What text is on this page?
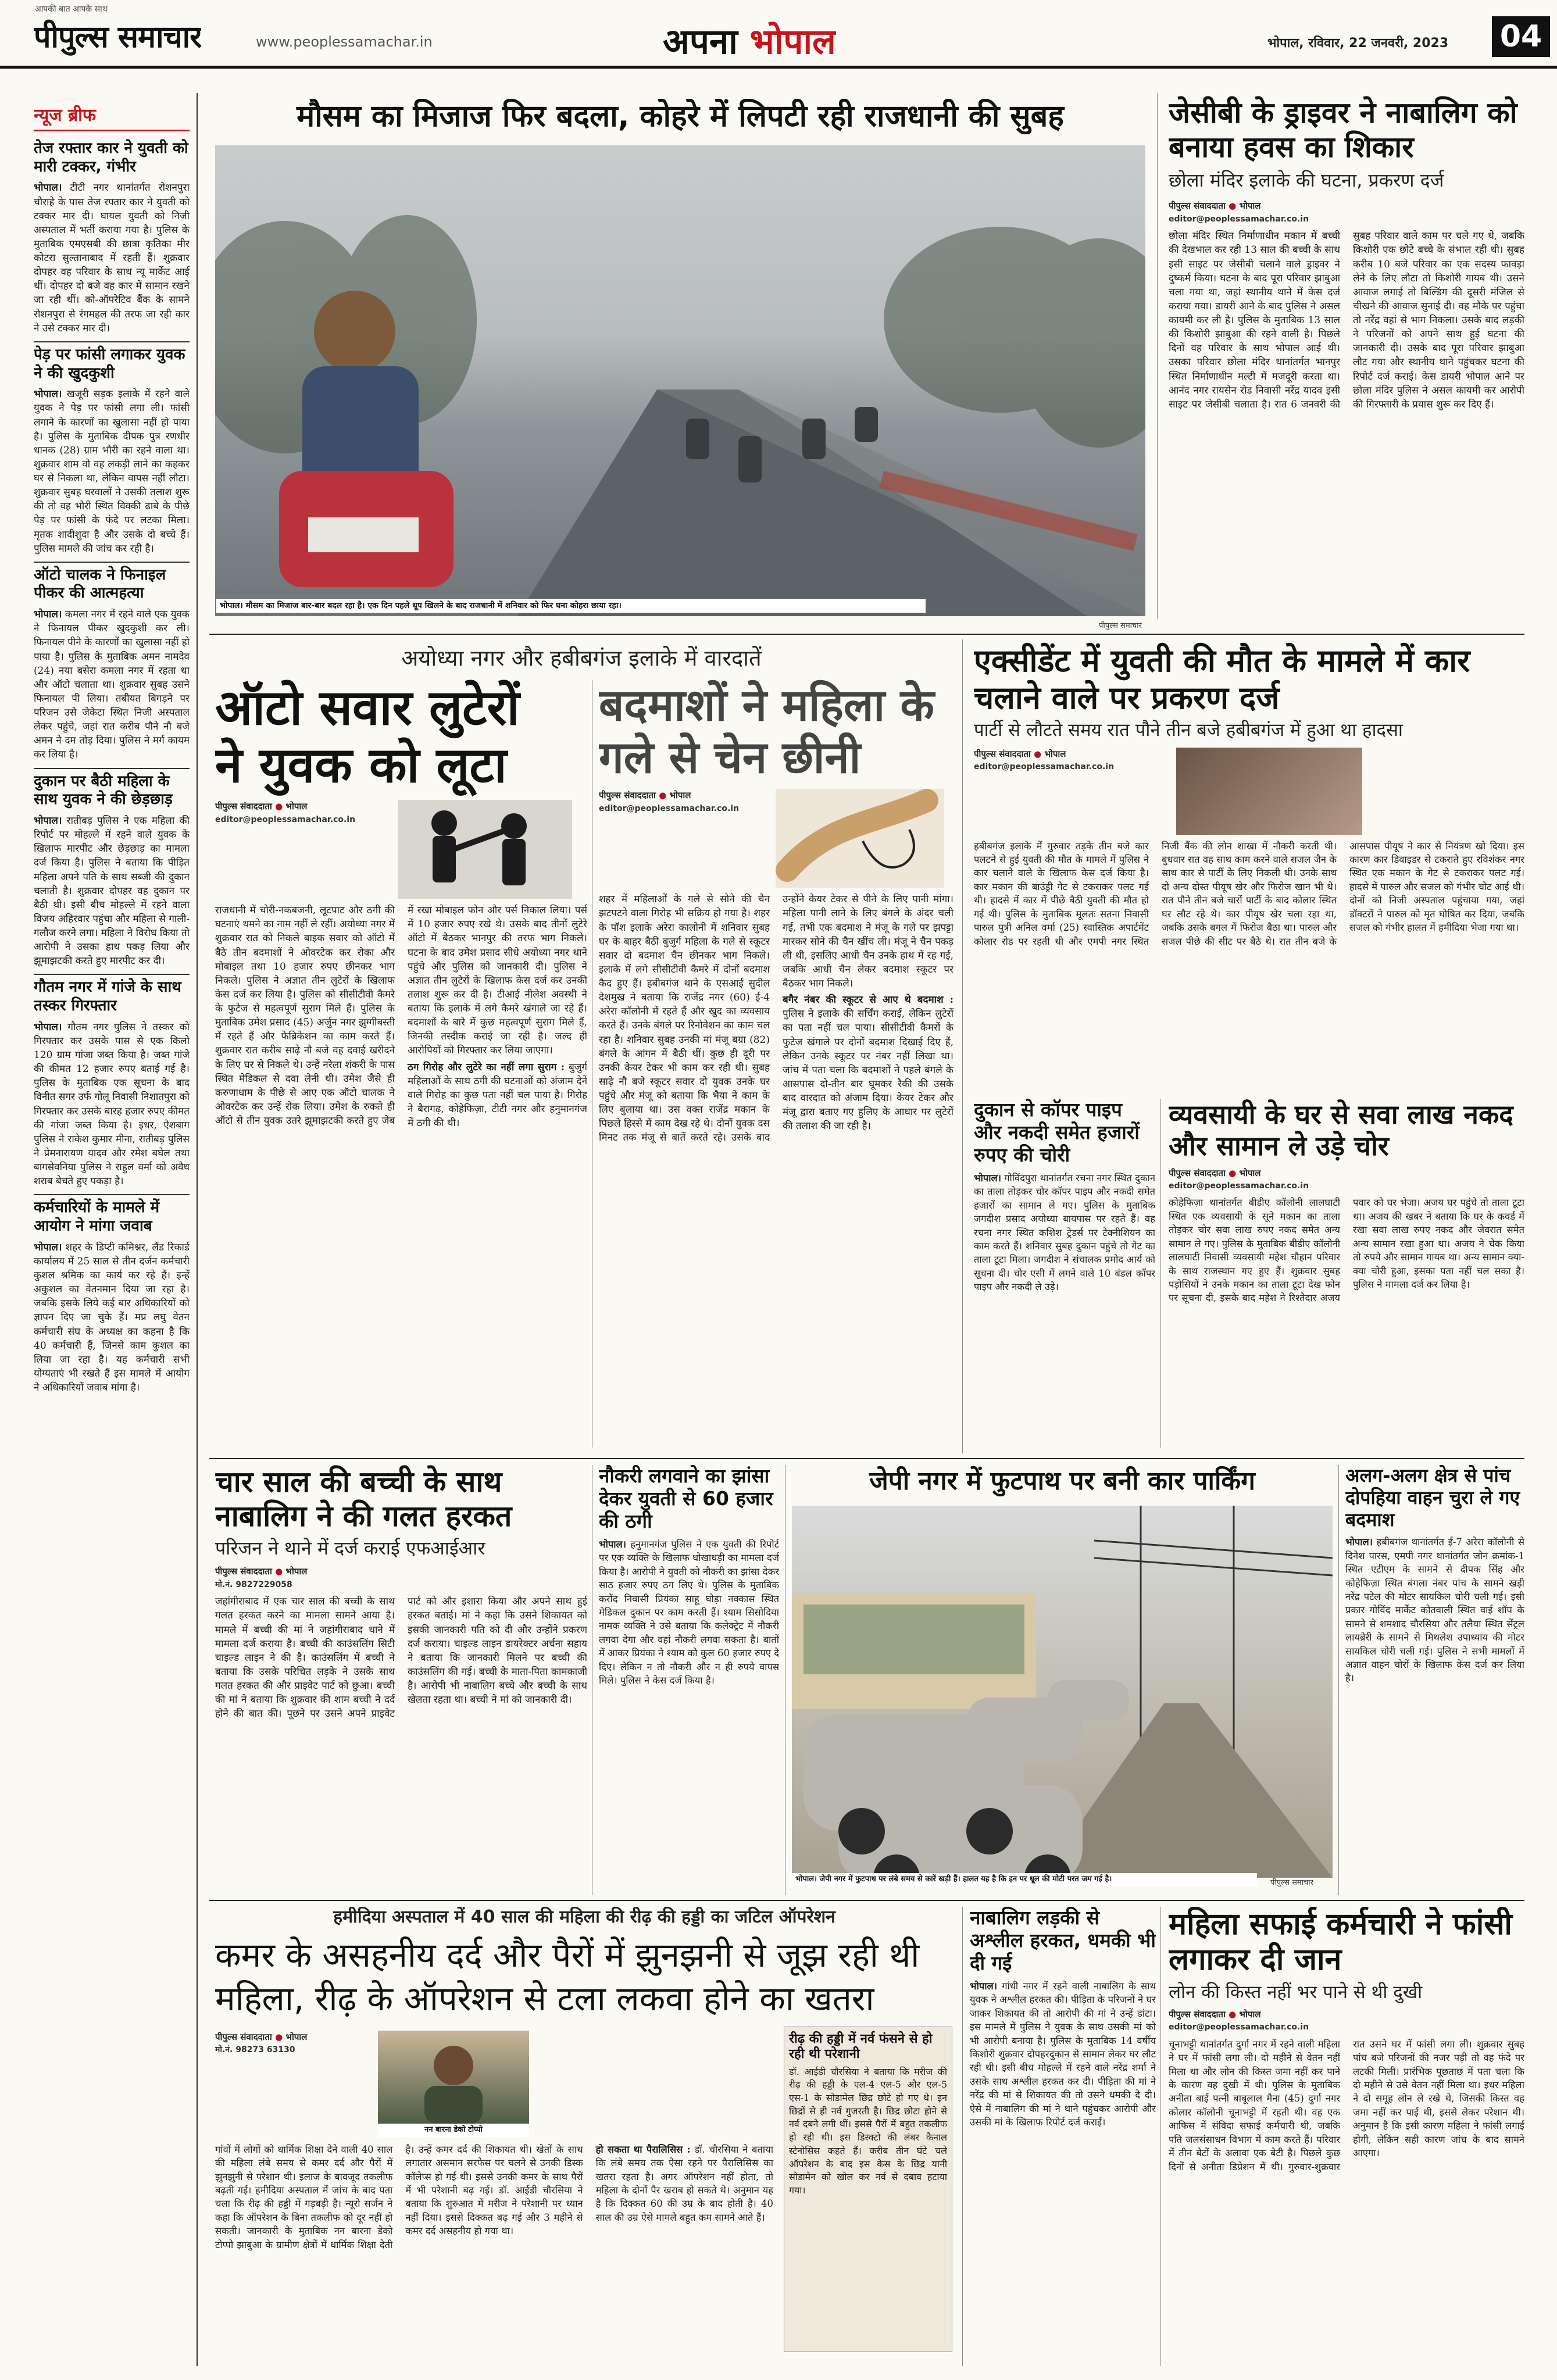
आपकी बात आपके साथ
पीपुल्स समाचार	www.peoplessamachar.in	अपना भोपाल	भोपाल, रविवार, 22 जनवरी, 2023 04
न्यूज ब्रीफ
तेज रफ्तार कार ने युवती को मारी टक्कर, गंभीर
भोपाल। टीटी नगर थानांतर्गत रोशनपुरा चौराहे के पास तेज रफ्तार कार ने युवती को टक्कर मार दी। घायल युवती को निजी अस्पताल में भर्ती कराया गया है। पुलिस के मुताबिक एमएसबी की छात्रा कृतिका मीर कोटरा सुल्तानाबाद में रहती हैं। शुक्रवार दोपहर वह परिवार के साथ न्यू मार्केट आई थीं। दोपहर दो बजे वह कार में सामान रखने जा रही थीं। को-ऑपरेटिव बैंक के सामने रोशनपुरा से रंगमहल की तरफ जा रही कार ने उसे टक्कर मार दी।
पेड़ पर फांसी लगाकर युवक ने की खुदकुशी
भोपाल। खजूरी सड़क इलाके में रहने वाले युवक ने पेड़ पर फांसी लगा ली। फांसी लगाने के कारणों का खुलासा नहीं हो पाया है। पुलिस के मुताबिक दीपक पुत्र रणधीर धानक (28) ग्राम भौरी का रहने वाला था। शुक्रवार शाम वो वह लकड़ी लाने का कहकर घर से निकला था, लेकिन वापस नहीं लौटा। शुक्रवार सुबह घरवालों ने उसकी तलाश शुरू की तो वह भौरी स्थित विक्की ढाबे के पीछे पेड़ पर फांसी के फंदे पर लटका मिला। मृतक शादीशुदा है और उसके दो बच्चे हैं। पुलिस मामले की जांच कर रही है।
ऑटो चालक ने फिनाइल पीकर की आत्महत्या
भोपाल। कमला नगर में रहने वाले एक युवक ने फिनायल पीकर खुदकुशी कर ली। फिनायल पीने के कारणों का खुलासा नहीं हो पाया है। पुलिस के मुताबिक अमन नामदेव (24) नया बसेरा कमला नगर में रहता था और ऑटो चलाता था। शुक्रवार सुबह उसने फिनायल पी लिया। तबीयत बिगड़ने पर परिजन उसे जेकेटा स्थित निजी अस्पताल लेकर पहुंचे, जहां रात करीब पौने नौ बजे अमन ने दम तोड़ दिया। पुलिस ने मर्ग कायम कर लिया है।
दुकान पर बैठी महिला के साथ युवक ने की छेड़छाड़
भोपाल। रातीबड़ पुलिस ने एक महिला की रिपोर्ट पर मोहल्ले में रहने वाले युवक के खिलाफ मारपीट और छेड़छाड़ का मामला दर्ज किया है। पुलिस ने बताया कि पीड़ित महिला अपने पति के साथ सब्जी की दुकान चलाती है। शुक्रवार दोपहर वह दुकान पर बैठी थी। इसी बीच मोहल्ले में रहने वाला विजय अहिरवार पहुंचा और महिला से गाली-गलौज करने लगा। महिला ने विरोध किया तो आरोपी ने उसका हाथ पकड़ लिया और झूमाझटकी करते हुए मारपीट कर दी।
गौतम नगर में गांजे के साथ तस्कर गिरफ्तार
भोपाल। गौतम नगर पुलिस ने तस्कर को गिरफ्तार कर उसके पास से एक किलो 120 ग्राम गांजा जब्त किया है। जब्त गांजे की कीमत 12 हजार रुपए बताई गई है। पुलिस के मुताबिक एक सूचना के बाद विनीत सगर उर्फ गोलू निवासी निशातपुरा को गिरफ्तार कर उसके बारह हजार रुपए कीमत की गांजा जब्त किया है। इधर, ऐशबाग पुलिस ने राकेश कुमार मीना, रातीबड़ पुलिस ने प्रेमनारायण यादव और रमेश बघेल तथा बागसेवनिया पुलिस ने राहुल वर्मा को अवैध शराब बेचते हुए पकड़ा है।
कर्मचारियों के मामले में आयोग ने मांगा जवाब
भोपाल। शहर के डिप्टी कमिश्नर, लैंड रिकार्ड कार्यालय में 25 साल से तीन दर्जन कर्मचारी कुशल श्रमिक का कार्य कर रहे हैं। इन्हें अकुशल का वेतनमान दिया जा रहा है। जबकि इसके लिये कई बार अधिकारियों को ज्ञापन दिए जा चुके हैं। मप्र लघु वेतन कर्मचारी संघ के अध्यक्ष का कहना है कि 40 कर्मचारी हैं, जिनसे काम कुशल का लिया जा रहा है। यह कर्मचारी सभी योग्यताएं भी रखते हैं इस मामले में आयोग ने अधिकारियों जवाब मांगा है।
मौसम का मिजाज फिर बदला, कोहरे में लिपटी रही राजधानी की सुबह
भोपाल। मौसम का मिजाज बार-बार बदल रहा है। एक दिन पहले धूप खिलने के बाद राजधानी में शनिवार को फिर घना कोहरा छाया रहा।
पीपुल्स समाचार
जेसीबी के ड्राइवर ने नाबालिग को बनाया हवस का शिकार
छोला मंदिर इलाके की घटना, प्रकरण दर्ज
पीपुल्स संवाददाता ● भोपाल
editor@peoplessamachar.co.in
छोला मंदिर स्थित निर्माणाधीन मकान में बच्ची की देखभाल कर रही 13 साल की बच्ची के साथ इसी साइट पर जेसीबी चलाने वाले ड्राइवर ने दुष्कर्म किया। घटना के बाद पूरा परिवार झाबुआ चला गया था, जहां स्थानीय थाने में केस दर्ज कराया गया। डायरी आने के बाद पुलिस ने असल कायमी कर ली है। पुलिस के मुताबिक 13 साल की किशोरी झाबुआ की रहने वाली है। पिछले दिनों वह परिवार के साथ भोपाल आई थी। उसका परिवार छोला मंदिर थानांतर्गत भानपुर स्थित निर्माणाधीन मल्टी में मजदूरी करता था। आनंद नगर रायसेन रोड निवासी नरेंद्र यादव इसी साइट पर जेसीबी चलाता है। रात 6 जनवरी की सुबह परिवार वाले काम पर चले गए थे, जबकि किशोरी एक छोटे बच्चे के संभाल रही थी। सुबह करीब 10 बजे परिवार का एक सदस्य फावड़ा लेने के लिए लौटा तो किशोरी गायब थी। उसने आवाज लगाई तो बिल्डिंग की दूसरी मंजिल से चीखने की आवाज सुनाई दी। वह मौके पर पहुंचा तो नरेंद्र वहां से भाग निकला। उसके बाद लड़की ने परिजनों को अपने साथ हुई घटना की जानकारी दी। उसके बाद पूरा परिवार झाबुआ लौट गया और स्थानीय थाने पहुंचकर घटना की रिपोर्ट दर्ज कराई। केस डायरी भोपाल आने पर छोला मंदिर पुलिस ने असल कायमी कर आरोपी की गिरफ्तारी के प्रयास शुरू कर दिए हैं।
अयोध्या नगर और हबीबगंज इलाके में वारदातें
ऑटो सवार लुटेरों ने युवक को लूटा
पीपुल्स संवाददाता ● भोपाल
editor@peoplessamachar.co.in

राजधानी में चोरी-नकबजनी, लूटपाट और ठगी की घटनाएं थमने का नाम नहीं ले रहीं। अयोध्या नगर में शुक्रवार रात को निकले बाइक सवार को ऑटो में बैठे तीन बदमाशों ने ओवरटेक कर रोका और मोबाइल तथा 10 हजार रुपए छीनकर भाग निकले। पुलिस ने अज्ञात तीन लुटेरों के खिलाफ केस दर्ज कर लिया है। पुलिस को सीसीटीवी कैमरे के फुटेज से महत्वपूर्ण सुराग मिले हैं। पुलिस के मुताबिक उमेश प्रसाद (45) अर्जुन नगर झुग्गीबस्ती में रहते हैं और फेब्रिकेशन का काम करते हैं। शुक्रवार रात करीब साढ़े नौ बजे वह दवाई खरीदने के लिए घर से निकले थे। उन्हें नरेला शंकरी के पास स्थित मेडिकल से दवा लेनी थी। उमेश जैसे ही करुणाधाम के पीछे से आए एक ऑटो चालक ने ओवरटेक कर उन्हें रोक लिया। उमेश के रुकते ही ऑटो से तीन युवक उतरे झूमाझटकी करते हुए जेब में रखा मोबाइल फोन और पर्स निकाल लिया। पर्स में 10 हजार रुपए रखे थे। उसके बाद तीनों लुटेरे ऑटो में बैठकर भानपुर की तरफ भाग निकले। घटना के बाद उमेश प्रसाद सीधे अयोध्या नगर थाने पहुंचे और पुलिस को जानकारी दी। पुलिस ने अज्ञात तीन लुटेरों के खिलाफ केस दर्ज कर उनकी तलाश शुरू कर दी है। टीआई नीलेश अवस्थी ने बताया कि इलाके में लगे कैमरे खंगाले जा रहे हैं। बदमाशों के बारे में कुछ महत्वपूर्ण सुराग मिले हैं, जिनकी तस्दीक कराई जा रही है। जल्द ही आरोपियों को गिरफ्तार कर लिया जाएगा।

ठग गिरोह और लुटेरे का नहीं लगा सुराग : बुजुर्ग महिलाओं के साथ ठगी की घटनाओं को अंजाम देने वाले गिरोह का कुछ पता नहीं चल पाया है। गिरोह ने बैरागढ़, कोहेफिज़ा, टीटी नगर और हनुमानगंज में ठगी की थी।

बदमाशों ने महिला के गले से चेन छीनी
पीपुल्स संवाददाता ● भोपाल
editor@peoplessamachar.co.in

शहर में महिलाओं के गले से सोने की चैन झटपटने वाला गिरोह भी सक्रिय हो गया है। शहर के पॉश इलाके अरेरा कालोनी में शनिवार सुबह घर के बाहर बैठी बुजुर्ग महिला के गले से स्कूटर सवार दो बदमाश चैन छीनकर भाग निकले। इलाके में लगे सीसीटीवी कैमरे में दोनों बदमाश कैद हुए हैं। हबीबगंज थाने के एसआई सुदील देशमुख ने बताया कि राजेंद्र नगर (60) ई-4 अरेरा कॉलोनी में रहते हैं और खुद का व्यवसाय करते हैं। उनके बंगले पर रिनोवेशन का काम चल रहा है। शनिवार सुबह उनकी मां मंजू बग्रा (82) बंगले के आंगन में बैठी थीं। कुछ ही दूरी पर उनकी केयर टेकर भी काम कर रही थी। सुबह साढ़े नौ बजे स्कूटर सवार दो युवक उनके घर पहुंचे और मंजू को बताया कि भैया ने काम के लिए बुलाया था। उस वक्त राजेंद्र मकान के पिछले हिस्से में काम देख रहे थे। दोनों युवक दस मिनट तक मंजू से बातें करते रहे। उसके बाद उन्होंने केयर टेकर से पीने के लिए पानी मांगा। महिला पानी लाने के लिए बंगले के अंदर चली गई, तभी एक बदमाश ने मंजू के गले पर झपट्टा मारकर सोने की चैन खींच ली। मंजू ने चैन पकड़ ली थी, इसलिए आधी चैन उनके हाथ में रह गई, जबकि आधी चैन लेकर बदमाश स्कूटर पर बैठकर भाग निकले।

बगैर नंबर की स्कूटर से आए थे बदमाश : पुलिस ने इलाके की सर्चिंग कराई, लेकिन लुटेरों का पता नहीं चल पाया। सीसीटीवी कैमरों के फुटेज खंगाले पर दोनों बदमाश दिखाई दिए हैं, लेकिन उनके स्कूटर पर नंबर नहीं लिखा था। जांच में पता चला कि बदमाशों ने पहले बंगले के आसपास दो-तीन बार घूमकर रैकी की उसके बाद वारदात को अंजाम दिया। केयर टेकर और मंजू द्वारा बताए गए हुलिए के आधार पर लुटेरों की तलाश की जा रही है।

एक्सीडेंट में युवती की मौत के मामले में कार चलाने वाले पर प्रकरण दर्ज
पार्टी से लौटते समय रात पौने तीन बजे हबीबगंज में हुआ था हादसा
पीपुल्स संवाददाता ● भोपाल
editor@peoplessamachar.co.in
हबीबगंज इलाके में गुरुवार तड़के तीन बजे कार पलटने से हुई युवती की मौत के मामले में पुलिस ने कार चलाने वाले के खिलाफ केस दर्ज किया है। कार मकान की बाउंड्री गेट से टकराकर पलट गई थी। हादसे में कार में पीछे बैठी युवती की मौत हो गई थी। पुलिस के मुताबिक मूलतः सतना निवासी पारुल पुत्री अनिल वर्मा (25) स्वास्तिक अपार्टमेंट कोलार रोड पर रहती थी और एमपी नगर स्थित निजी बैंक की लोन शाखा में नौकरी करती थी। बुधवार रात वह साथ काम करने वाले सजल जैन के साथ कार से पार्टी के लिए निकली थी। उनके साथ दो अन्य दोस्त पीयूष खेर और फिरोज खान भी थे। रात पौने तीन बजे चारों पार्टी के बाद कोलार स्थित घर लौट रहे थे। कार पीयूष खेर चला रहा था, जबकि उसके बगल में फिरोज बैठा था। पारुल और सजल पीछे की सीट पर बैठे थे। रात तीन बजे के आसपास पीयूष ने कार से नियंत्रण खो दिया। इस कारण कार डिवाइडर से टकराते हुए रविशंकर नगर स्थित एक मकान के गेट से टकराकर पलट गई। हादसे में पारुल और सजल को गंभीर चोट आई थी। दोनों को निजी अस्पताल पहुंचाया गया, जहां डॉक्टरों ने पारुल को मृत घोषित कर दिया, जबकि सजल को गंभीर हालत में हमीदिया भेजा गया था।
दुकान से कॉपर पाइप और नकदी समेत हजारों रुपए की चोरी
भोपाल। गोविंदपुरा थानांतर्गत रचना नगर स्थित दुकान का ताला तोड़कर चोर कॉपर पाइप और नकदी समेत हजारों का सामान ले गए। पुलिस के मुताबिक जगदीश प्रसाद अयोध्या बायपास पर रहते हैं। वह रचना नगर स्थित कशिश ट्रेडर्स पर टेक्नीशियन का काम करते हैं। शनिवार सुबह दुकान पहुंचे तो गेट का ताला टूटा मिला। जगदीश ने संचालक प्रमोद आर्य को सूचना दी। चोर एसी में लगने वाले 10 बंडल कॉपर पाइप और नकदी ले उड़े।
व्यवसायी के घर से सवा लाख नकद और सामान ले उड़े चोर
पीपुल्स संवाददाता ● भोपाल
editor@peoplessamachar.co.in
कोहेफिज़ा थानांतर्गत बीडीए कॉलोनी लालघाटी स्थित एक व्यवसायी के सूने मकान का ताला तोड़कर चोर सवा लाख रुपए नकद समेत अन्य सामान ले गए। पुलिस के मुताबिक बीडीए कॉलोनी लालघाटी निवासी व्यवसायी महेश चौहान परिवार के साथ राजस्थान गए हुए हैं। शुक्रवार सुबह पड़ोसियों ने उनके मकान का ताला टूटा देख फोन पर सूचना दी, इसके बाद महेश ने रिश्तेदार अजय पवार को घर भेजा। अजय घर पहुंचे तो ताला टूटा था। अजय की खबर ने बताया कि घर के कवर्ड में रखा सवा लाख रुपए नकद और जेवरात समेत अन्य सामान रखा हुआ था। अजय ने चेक किया तो रुपये और सामान गायब था। अन्य सामान क्या-क्या चोरी हुआ, इसका पता नहीं चल सका है। पुलिस ने मामला दर्ज कर लिया है।
चार साल की बच्ची के साथ नाबालिग ने की गलत हरकत
परिजन ने थाने में दर्ज कराई एफआईआर
पीपुल्स संवाददाता ● भोपाल
मो.नं. 9827229058
जहांगीराबाद में एक चार साल की बच्ची के साथ गलत हरकत करने का मामला सामने आया है। मामले में बच्ची की मां ने जहांगीराबाद थाने में मामला दर्ज कराया है। बच्ची की काउंसलिंग सिटी चाइल्ड लाइन ने की है। काउंसलिंग में बच्ची ने बताया कि उसके परिचित लड़के ने उसके साथ गलत हरकत की और प्राइवेट पार्ट को छुआ। बच्ची की मां ने बताया कि शुक्रवार की शाम बच्ची ने दर्द होने की बात की। पूछने पर उसने अपने प्राइवेट पार्ट को और इशारा किया और अपने साथ हुई हरकत बताई। मां ने कहा कि उसने शिकायत को इसकी जानकारी पति को दी और उन्होंने प्रकरण दर्ज कराया। चाइल्ड लाइन डायरेक्टर अर्चना सहाय ने बताया कि जानकारी मिलने पर बच्ची की काउंसलिंग की गई। बच्ची के माता-पिता कामकाजी है। आरोपी भी नाबालिग बच्चे और बच्ची के साथ खेलता रहता था। बच्ची ने मां को जानकारी दी।
नौकरी लगवाने का झांसा देकर युवती से 60 हजार की ठगी
भोपाल। हनुमानगंज पुलिस ने एक युवती की रिपोर्ट पर एक व्यक्ति के खिलाफ धोखाधड़ी का मामला दर्ज किया है। आरोपी ने युवती को नौकरी का झांसा देकर साठ हजार रुपए ठग लिए थे। पुलिस के मुताबिक करोंद निवासी प्रियंका साहू घोड़ा नक्कास स्थित मेडिकल दुकान पर काम करती हैं। श्याम सिसोदिया नामक व्यक्ति ने उसे बताया कि कलेक्ट्रेट में नौकरी लगवा देगा और वहां नौकरी लगवा सकता है। बातों में आकर प्रियंका ने श्याम को कुल 60 हजार रुपए दे दिए। लेकिन न तो नौकरी और न ही रुपये वापस मिले। पुलिस ने केस दर्ज किया है।
जेपी नगर में फुटपाथ पर बनी कार पार्किंग
भोपाल। जेपी नगर में फुटपाथ पर लंबे समय से कारें खड़ी हैं। हालत यह है कि इन पर धूल की मोटी परत जम गई है।	पीपुल्स समाचार
अलग-अलग क्षेत्र से पांच दोपहिया वाहन चुरा ले गए बदमाश
भोपाल। हबीबगंज थानांतर्गत ई-7 अरेरा कॉलोनी से दिनेश पारस, एमपी नगर थानांतर्गत जोन क्रमांक-1 स्थित एटीएम के सामने से दीपक सिंह और कोहेफिज़ा स्थित बंगला नंबर पांच के सामने खड़ी नरेंद्र पटेल की मोटर सायकिल चोरी चली गई। इसी प्रकार गोविंद मार्केट कोतवाली स्थित वाई शॉप के सामने से शमशाद चौरसिया और तलैया स्थित सेंट्रल लायब्रेरी के सामने से मिथलेश उपाध्याय की मोटर सायकिल चोरी चली गई। पुलिस ने सभी मामलों में अज्ञात वाहन चोरों के खिलाफ केस दर्ज कर लिया है।
हमीदिया अस्पताल में 40 साल की महिला की रीढ़ की हड्डी का जटिल ऑपरेशन
कमर के असहनीय दर्द और पैरों में झुनझनी से जूझ रही थी महिला, रीढ़ के ऑपरेशन से टला लकवा होने का खतरा
पीपुल्स संवाददाता ● भोपाल
मो.नं. 98273 63130
नन बारना डेको टोप्पो

गांवों में लोगों को धार्मिक शिक्षा देने वाली 40 साल की महिला लंबे समय से कमर दर्द और पैरों में झुनझुनी से परेशान थी। इलाज के बावजूद तकलीफ बढ़ती गई। हमीदिया अस्पताल में जांच के बाद पता चला कि रीढ़ की हड्डी में गड़बड़ी है। न्यूरो सर्जन ने कहा कि ऑपरेशन के बिना तकलीफ को दूर नहीं हो सकती। जानकारी के मुताबिक नन बारना डेको टोप्पो झाबुआ के ग्रामीण क्षेत्रों में धार्मिक शिक्षा देती है। उन्हें कमर दर्द की शिकायत थी। खेतों के साथ लगातार असमान सरफेस पर चलने से उनकी डिस्क कॉलेप्स हो गई थी। इससे उनकी कमर के साथ पैरों में भी परेशानी बढ़ गई। डॉ. आईडी चौरसिया ने बताया कि शुरुआत में मरीज ने परेशानी पर ध्यान नहीं दिया। इससे दिक्कत बढ़ गई और 3 महीने से कमर दर्द असहनीय हो गया था।

हो सकता था पैरालिसिस : डॉ. चौरसिया ने बताया कि लंबे समय तक ऐसा रहने पर पैरालिसिस का खतरा रहता है। अगर ऑपरेशन नहीं होता, तो महिला के दोनों पैर खराब हो सकते थे। अनुमान यह है कि दिक्कत 60 की उम्र के बाद होती है। 40 साल की उम्र ऐसे मामले बहुत कम सामने आते हैं।

रीढ़ की हड्डी में नर्व फंसने से हो रही थी परेशानी
डॉ. आईडी चौरसिया ने बताया कि मरीज की रीढ़ की हड्डी के एल-4 एल-5 और एल-5 एस-1 के सोडामेल छिद्र छोटे हो गए थे। इन छिद्रों से ही नर्व गुजरती है। छिद्र छोटा होने से नर्व दबने लगी थीं। इससे पैरों में बहुत तकलीफ हो रही थी। इस डिस्क्टो की लंबर कैनाल स्टेनोसिस कहते हैं। करीब तीन घंटे चले ऑपरेशन के बाद इस केस के छिद्र यानी सोडामेन को खोल कर नर्व से दबाव हटाया गया।
नाबालिग लड़की से अश्लील हरकत, धमकी भी दी गई
भोपाल। गांधी नगर में रहने वाली नाबालिग के साथ युवक ने अश्लील हरकत की। पीड़िता के परिजनों ने घर जाकर शिकायत की तो आरोपी की मां ने उन्हें डांटा। इस मामले में पुलिस ने युवक के साथ उसकी मां को भी आरोपी बनाया है। पुलिस के मुताबिक 14 वर्षीय किशोरी शुक्रवार दोपहरदुकान से सामान लेकर घर लौट रही थी। इसी बीच मोहल्ले में रहने वाले नरेंद्र शर्मा ने उसके साथ अश्लील हरकत कर दी। पीड़िता की मां ने नरेंद्र की मां से शिकायत की तो उसने धमकी दे दी। ऐसे में नाबालिग की मां ने थाने पहुंचकर आरोपी और उसकी मां के खिलाफ रिपोर्ट दर्ज कराई।
महिला सफाई कर्मचारी ने फांसी लगाकर दी जान
लोन की किस्त नहीं भर पाने से थी दुखी
पीपुल्स संवाददाता ● भोपाल
editor@peoplessamachar.co.in
चूनाभट्टी थानांतर्गत दुर्गा नगर में रहने वाली महिला ने घर में फांसी लगा ली। दो महीने से वेतन नहीं मिला था और लोन की किस्त जमा नहीं कर पाने के कारण वह दुखी में थी। पुलिस के मुताबिक अनीता बाई पत्नी बाबूलाल मैना (45) दुर्गा नगर कोलार कॉलोनी चूनाभट्टी में रहती थी। वह एक आफिस में संविदा सफाई कर्मचारी थी, जबकि पति जलसंसाधन विभाग में काम करते हैं। परिवार में तीन बेटों के अलावा एक बेटी है। पिछले कुछ दिनों से अनीता डिप्रेशन में थी। गुरुवार-शुक्रवार रात उसने घर में फांसी लगा ली। शुक्रवार सुबह पांच बजे परिजनों की नजर पड़ी तो वह फंदे पर लटकी मिली। प्रारंभिक पूछताछ में पता चला कि दो महीने से उसे वेतन नहीं मिला था। इधर महिला ने दो समूह लोन ले रखे थे, जिसकी किस्त वह जमा नहीं कर पाई थी, इससे लेकर परेशान थी। अनुमान है कि इसी कारण महिला ने फांसी लगाई होगी, लेकिन सही कारण जांच के बाद सामने आएगा।
